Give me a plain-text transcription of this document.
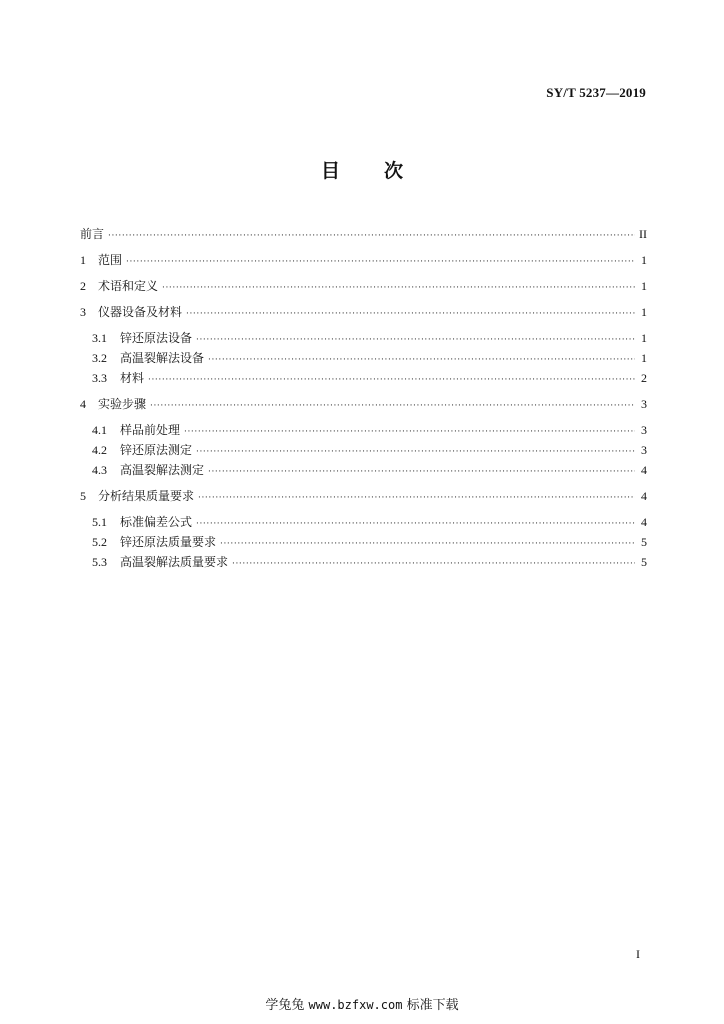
SY/T 5237—2019
目次
前言 ·····	II
1	范围 ·····	1
2	术语和定义 ·····	1
3	仪器设备及材料 ·····	1
3.1	锌还原法设备 ·····	1
3.2	高温裂解法设备 ·····	1
3.3	材料 ·····	2
4	实验步骤 ·····	3
4.1	样品前处理 ·····	3
4.2	锌还原法测定 ·····	3
4.3	高温裂解法测定 ·····	4
5	分析结果质量要求 ·····	4
5.1	标准偏差公式 ·····	4
5.2	锌还原法质量要求 ·····	5
5.3	高温裂解法质量要求 ·····	5
I
学兔兔 www.bzfxw.com 标准下载
